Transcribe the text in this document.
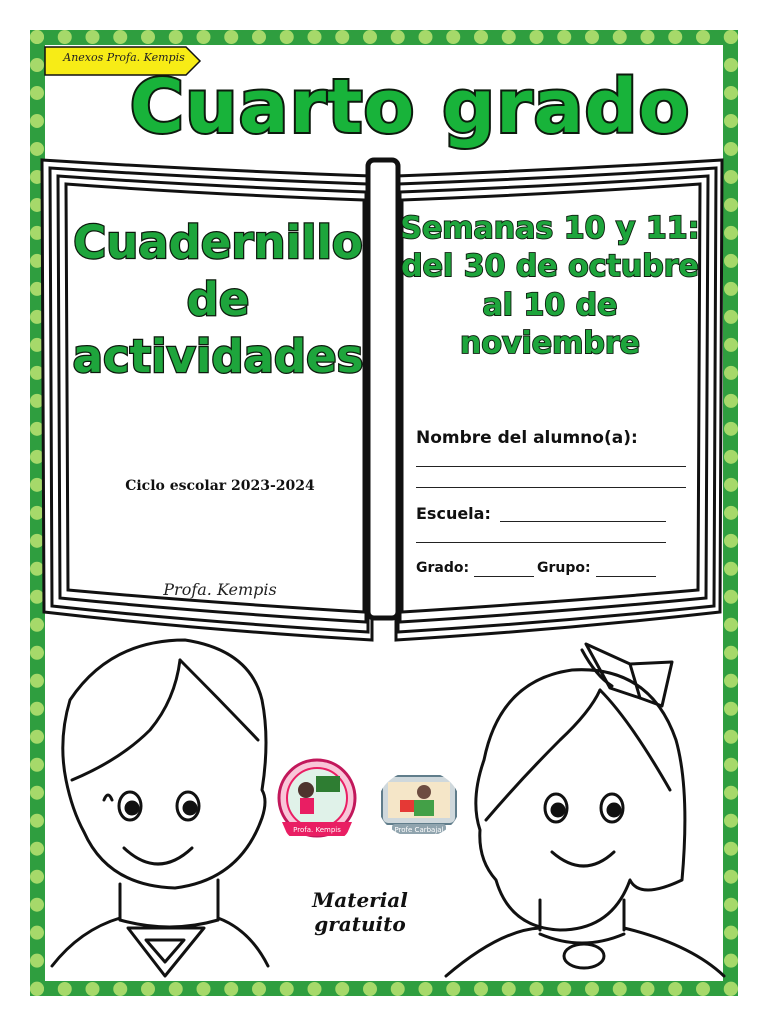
Anexos Profa. Kempis
Cuarto grado
Cuadernillo
de
actividades
Ciclo escolar 2023-2024
Profa. Kempis
Semanas 10 y 11:
del 30 de octubre
al 10 de
noviembre
Nombre del alumno(a):
Escuela:
Grado:	Grupo:
Profa. Kempis	Profe Carbajal
Material gratuito
